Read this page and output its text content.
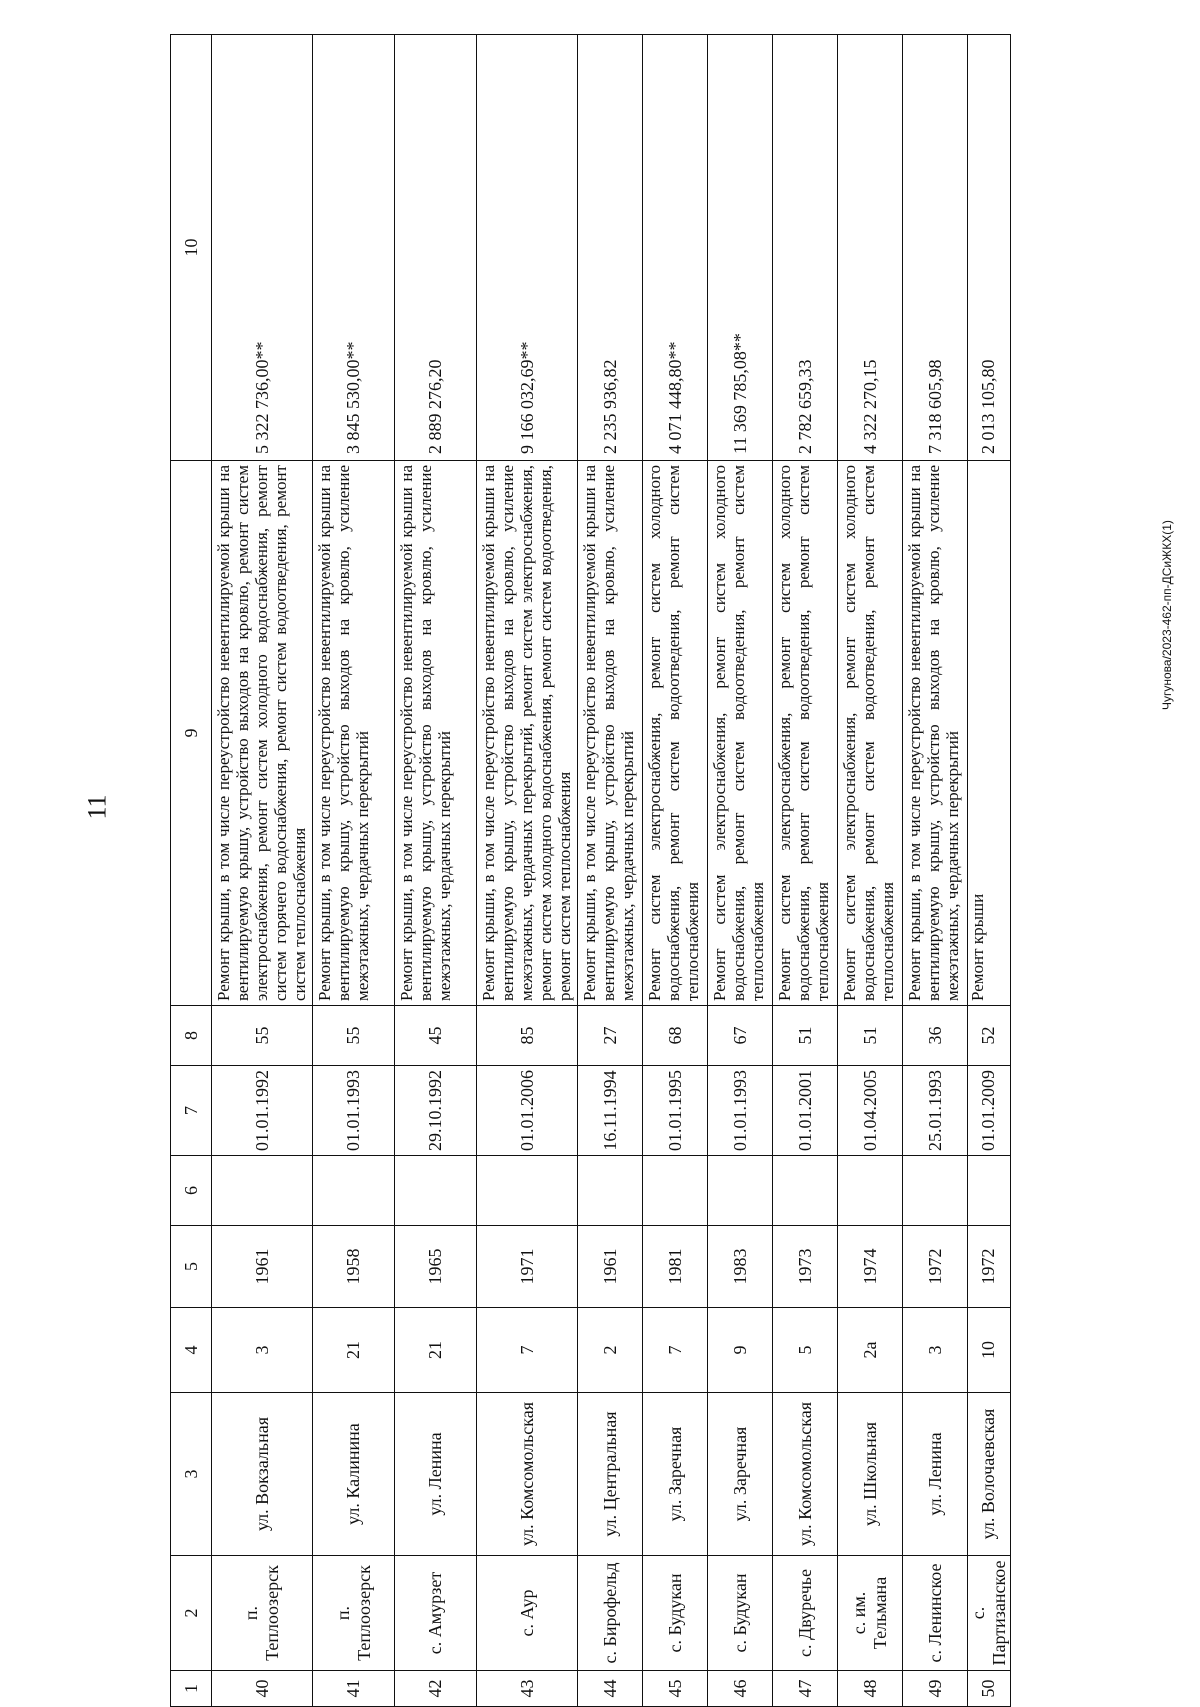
11
Чугунова/2023-462-пп-ДСиЖКХ(1)
1	2	3	4	5	6	7	8	9	10
40	п. Теплоозерск	ул. Вокзальная	3	1961		01.01.1992	55	Ремонт крыши, в том числе переустройство невентилируемой крыши на вентилируемую крышу, устройство выходов на кровлю, ремонт систем электроснабжения, ремонт систем холодного водоснабжения, ремонт систем горячего водоснабжения, ремонт систем водоотведения, ремонт систем теплоснабжения	5 322 736,00**
41	п. Теплоозерск	ул. Калинина	21	1958		01.01.1993	55	Ремонт крыши, в том числе переустройство невентилируемой крыши на вентилируемую крышу, устройство выходов на кровлю, усиление межэтажных, чердачных перекрытий	3 845 530,00**
42	с. Амурзет	ул. Ленина	21	1965		29.10.1992	45	Ремонт крыши, в том числе переустройство невентилируемой крыши на вентилируемую крышу, устройство выходов на кровлю, усиление межэтажных, чердачных перекрытий	2 889 276,20
43	с. Аур	ул. Комсомольская	7	1971		01.01.2006	85	Ремонт крыши, в том числе переустройство невентилируемой крыши на вентилируемую крышу, устройство выходов на кровлю, усиление межэтажных, чердачных перекрытий, ремонт систем электроснабжения, ремонт систем холодного водоснабжения, ремонт систем водоотведения, ремонт систем теплоснабжения	9 166 032,69**
44	с. Бирофельд	ул. Центральная	2	1961		16.11.1994	27	Ремонт крыши, в том числе переустройство невентилируемой крыши на вентилируемую крышу, устройство выходов на кровлю, усиление межэтажных, чердачных перекрытий	2 235 936,82
45	с. Будукан	ул. Заречная	7	1981		01.01.1995	68	Ремонт систем электроснабжения, ремонт систем холодного водоснабжения, ремонт систем водоотведения, ремонт систем теплоснабжения	4 071 448,80**
46	с. Будукан	ул. Заречная	9	1983		01.01.1993	67	Ремонт систем электроснабжения, ремонт систем холодного водоснабжения, ремонт систем водоотведения, ремонт систем теплоснабжения	11 369 785,08**
47	с. Двуречье	ул. Комсомольская	5	1973		01.01.2001	51	Ремонт систем электроснабжения, ремонт систем холодного водоснабжения, ремонт систем водоотведения, ремонт систем теплоснабжения	2 782 659,33
48	с. им. Тельмана	ул. Школьная	2а	1974		01.04.2005	51	Ремонт систем электроснабжения, ремонт систем холодного водоснабжения, ремонт систем водоотведения, ремонт систем теплоснабжения	4 322 270,15
49	с. Ленинское	ул. Ленина	3	1972		25.01.1993	36	Ремонт крыши, в том числе переустройство невентилируемой крыши на вентилируемую крышу, устройство выходов на кровлю, усиление межэтажных, чердачных перекрытий	7 318 605,98
50	с. Партизанское	ул. Волочаевская	10	1972		01.01.2009	52	Ремонт крыши	2 013 105,80
